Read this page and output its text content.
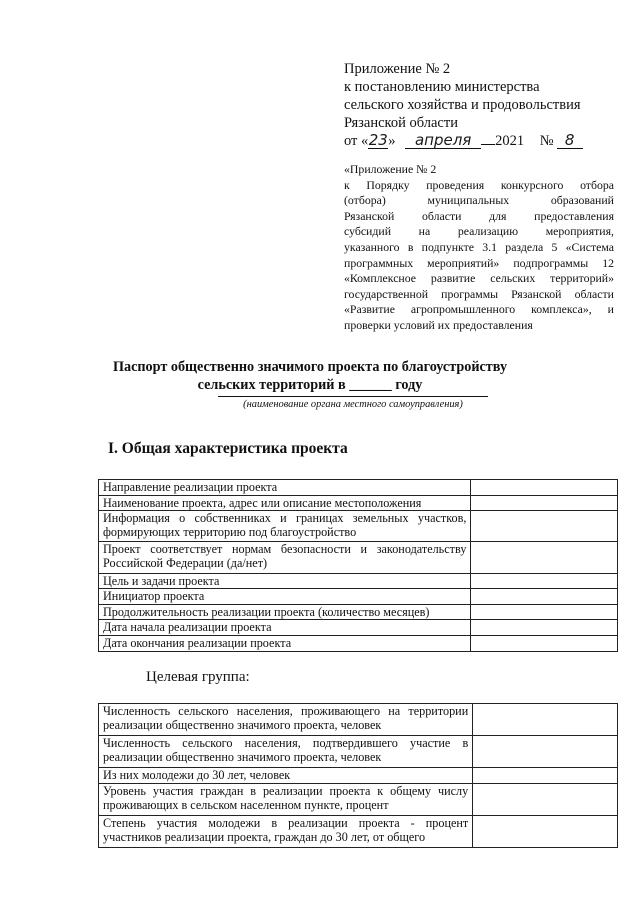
Приложение № 2
к постановлению министерства
сельского хозяйства и продовольствия
Рязанской области
от «23» апреля 2021 № 8
«Приложение № 2
к Порядку проведения конкурсного отбора
(отбора) муниципальных образований
Рязанской области для предоставления
субсидий на реализацию мероприятия,
указанного в подпункте 3.1 раздела 5 «Система
программных мероприятий» подпрограммы 12
«Комплексное развитие сельских территорий»
государственной программы Рязанской области
«Развитие агропромышленного комплекса», и
проверки условий их предоставления
Паспорт общественно значимого проекта по благоустройству
сельских территорий в ______ году
(наименование органа местного самоуправления)
I. Общая характеристика проекта
Направление реализации проекта	

Наименование проекта, адрес или описание местоположения	

Информация о собственниках и границах земельных участков,
формирующих территорию под благоустройство	

Проект соответствует нормам безопасности и законодательству
Российской Федерации (да/нет)	

Цель и задачи проекта	

Инициатор проекта	

Продолжительность реализации проекта (количество месяцев)	

Дата начала реализации проекта	

Дата окончания реализации проекта	

Целевая группа:
Численность сельского населения, проживающего на территории
реализации общественно значимого проекта, человек	

Численность сельского населения, подтвердившего участие в
реализации общественно значимого проекта, человек	

Из них молодежи до 30 лет, человек	

Уровень участия граждан в реализации проекта к общему числу
проживающих в сельском населенном пункте, процент	

Степень участия молодежи в реализации проекта - процент
участников реализации проекта, граждан до 30 лет, от общего	
